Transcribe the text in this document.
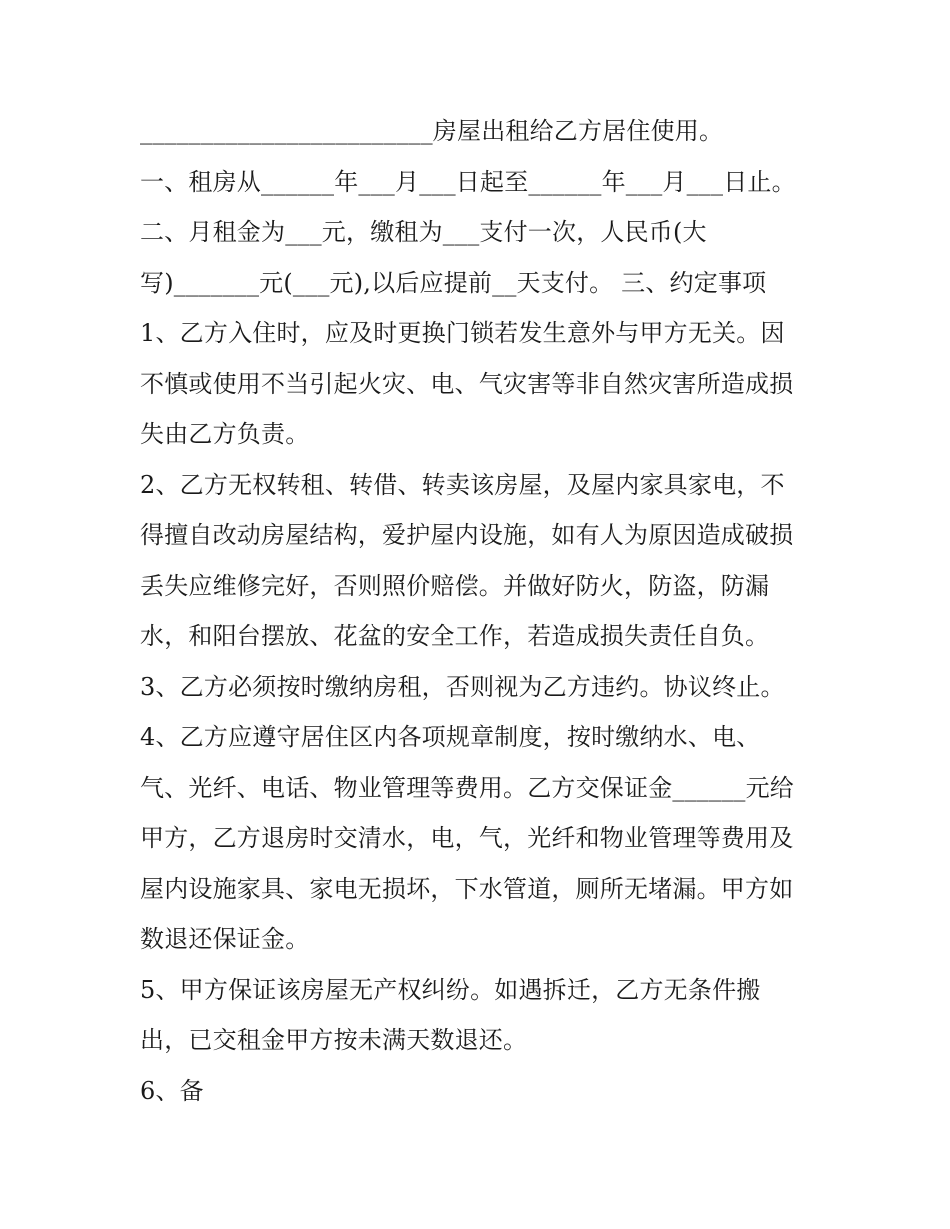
________________________房屋出租给乙方居住使用。
一、租房从______年___月___日起至______年___月___日止。
二、月租金为___元，缴租为___支付一次，人民币(大
写)_______元(___元),以后应提前__天支付。 三、约定事项
1、乙方入住时，应及时更换门锁若发生意外与甲方无关。因
不慎或使用不当引起火灾、电、气灾害等非自然灾害所造成损
失由乙方负责。
2、乙方无权转租、转借、转卖该房屋，及屋内家具家电，不
得擅自改动房屋结构，爱护屋内设施，如有人为原因造成破损
丢失应维修完好，否则照价赔偿。并做好防火，防盗，防漏
水，和阳台摆放、花盆的安全工作，若造成损失责任自负。
3、乙方必须按时缴纳房租，否则视为乙方违约。协议终止。
4、乙方应遵守居住区内各项规章制度，按时缴纳水、电、
气、光纤、电话、物业管理等费用。乙方交保证金______元给
甲方，乙方退房时交清水，电，气，光纤和物业管理等费用及
屋内设施家具、家电无损坏，下水管道，厕所无堵漏。甲方如
数退还保证金。
5、甲方保证该房屋无产权纠纷。如遇拆迁，乙方无条件搬
出，已交租金甲方按未满天数退还。
6、备
